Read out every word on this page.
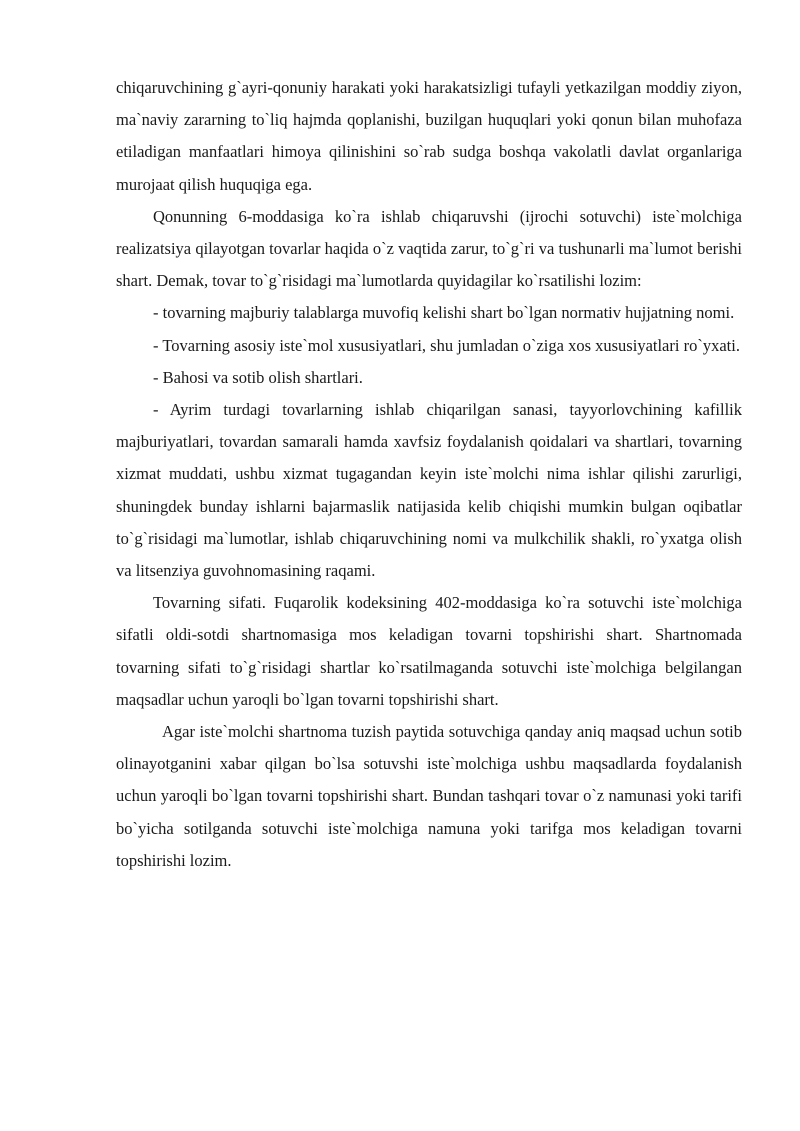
chiqaruvchining g`ayri-qonuniy harakati yoki harakatsizligi tufayli yetkazilgan moddiy ziyon, ma`naviy zararning to`liq hajmda qoplanishi, buzilgan huquqlari yoki qonun bilan muhofaza etiladigan manfaatlari himoya qilinishini so`rab sudga boshqa vakolatli davlat organlariga murojaat qilish huquqiga ega.

Qonunning 6-moddasiga ko`ra ishlab chiqaruvshi (ijrochi sotuvchi) iste`molchiga realizatsiya qilayotgan tovarlar haqida o`z vaqtida zarur, to`g`ri va tushunarli ma`lumot berishi shart. Demak, tovar to`g`risidagi ma`lumotlarda quyidagilar ko`rsatilishi lozim:

- tovarning majburiy talablarga muvofiq kelishi shart bo`lgan normativ hujjatning nomi.

- Tovarning asosiy iste`mol xususiyatlari, shu jumladan o`ziga xos xususiyatlari ro`yxati.

- Bahosi va sotib olish shartlari.

- Ayrim turdagi tovarlarning ishlab chiqarilgan sanasi, tayyorlovchining kafillik majburiyatlari, tovardan samarali hamda xavfsiz foydalanish qoidalari va shartlari, tovarning xizmat muddati, ushbu xizmat tugagandan keyin iste`molchi nima ishlar qilishi zarurligi, shuningdek bunday ishlarni bajarmaslik natijasida kelib chiqishi mumkin bulgan oqibatlar to`g`risidagi ma`lumotlar, ishlab chiqaruvchining nomi va mulkchilik shakli, ro`yxatga olish va litsenziya guvohnomasining raqami.

Tovarning sifati. Fuqarolik kodeksining 402-moddasiga ko`ra sotuvchi iste`molchiga sifatli oldi-sotdi shartnomasiga mos keladigan tovarni topshirishi shart. Shartnomada tovarning sifati to`g`risidagi shartlar ko`rsatilmaganda sotuvchi iste`molchiga belgilangan maqsadlar uchun yaroqli bo`lgan tovarni topshirishi shart.

Agar iste`molchi shartnoma tuzish paytida sotuvchiga qanday aniq maqsad uchun sotib olinayotganini xabar qilgan bo`lsa sotuvshi iste`molchiga ushbu maqsadlarda foydalanish uchun yaroqli bo`lgan tovarni topshirishi shart. Bundan tashqari tovar o`z namunasi yoki tarifi bo`yicha sotilganda sotuvchi iste`molchiga namuna yoki tarifga mos keladigan tovarni topshirishi lozim.
